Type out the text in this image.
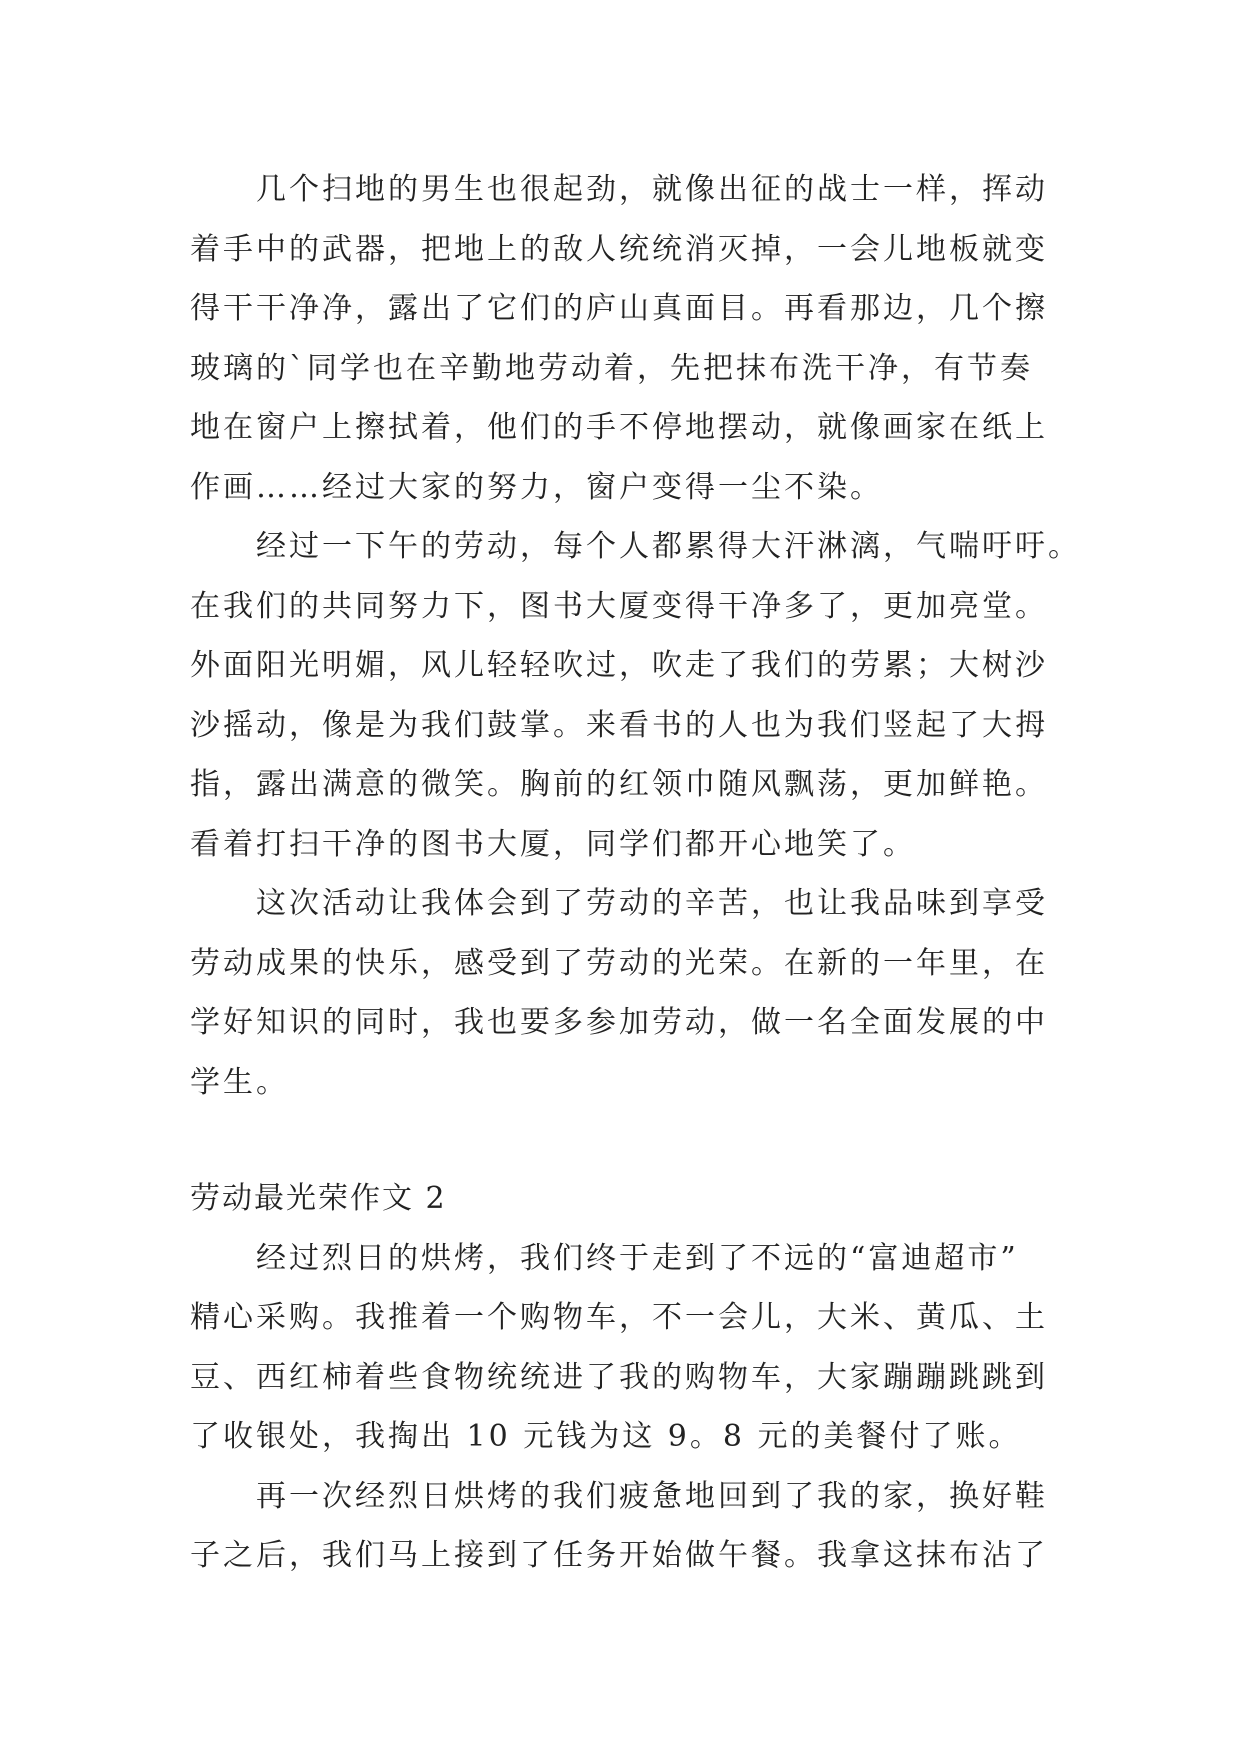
几个扫地的男生也很起劲，就像出征的战士一样，挥动
着手中的武器，把地上的敌人统统消灭掉，一会儿地板就变
得干干净净，露出了它们的庐山真面目。再看那边，几个擦
玻璃的`同学也在辛勤地劳动着，先把抹布洗干净，有节奏
地在窗户上擦拭着，他们的手不停地摆动，就像画家在纸上
作画……经过大家的努力，窗户变得一尘不染。
经过一下午的劳动，每个人都累得大汗淋漓，气喘吁吁。
在我们的共同努力下，图书大厦变得干净多了，更加亮堂。
外面阳光明媚，风儿轻轻吹过，吹走了我们的劳累；大树沙
沙摇动，像是为我们鼓掌。来看书的人也为我们竖起了大拇
指，露出满意的微笑。胸前的红领巾随风飘荡，更加鲜艳。
看着打扫干净的图书大厦，同学们都开心地笑了。
这次活动让我体会到了劳动的辛苦，也让我品味到享受
劳动成果的快乐，感受到了劳动的光荣。在新的一年里，在
学好知识的同时，我也要多参加劳动，做一名全面发展的中
学生。
劳动最光荣作文 2
经过烈日的烘烤，我们终于走到了不远的“富迪超市”
精心采购。我推着一个购物车，不一会儿，大米、黄瓜、土
豆、西红柿着些食物统统进了我的购物车，大家蹦蹦跳跳到
了收银处，我掏出 10 元钱为这 9。8 元的美餐付了账。
再一次经烈日烘烤的我们疲惫地回到了我的家，换好鞋
子之后，我们马上接到了任务开始做午餐。我拿这抹布沾了
